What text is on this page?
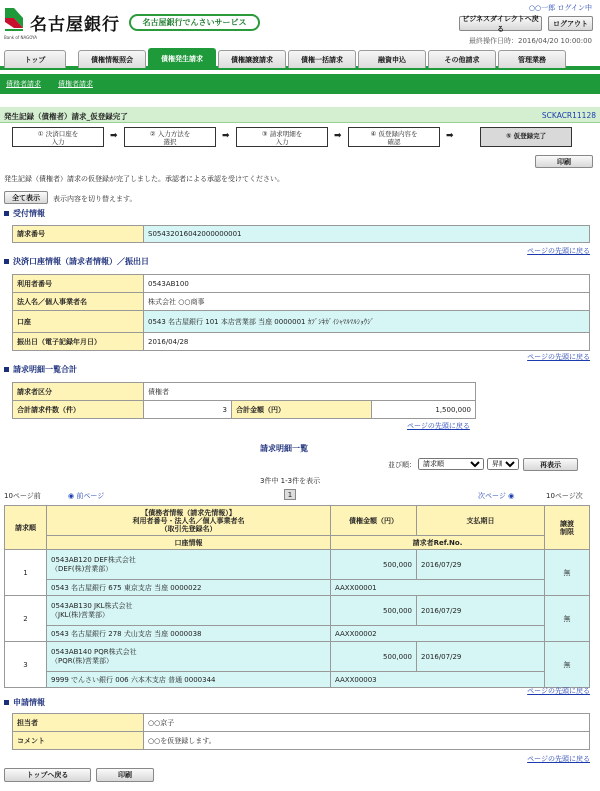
名古屋銀行
Bank of NAGOYA
名古屋銀行でんさいサービス
○○一郎 ログイン中
ビジネスダイレクトへ戻る
ログアウト
最終操作日時：2016/04/20 10:00:00
トップ	債権情報照会	債権発生請求	債権譲渡請求	債権一括請求	融資申込	その他請求	管理業務
債務者請求 債権者請求
発生記録（債権者）請求_仮登録完了	SCKACR11128
① 決済口座を
入力
➡	② 入力方法を
選択
➡	③ 請求明細を
入力
➡	④ 仮登録内容を
確認
➡	⑤ 仮登録完了
印刷
発生記録（債権者）請求の仮登録が完了しました。承認者による承認を受けてください。
全て表示	表示内容を切り替えます。
受付情報
請求番号	S05432016042000000001
ページの先頭に戻る
決済口座情報（請求者情報）／振出日
利用者番号	0543AB100
法人名／個人事業者名	株式会社 ○○商事
口座	0543 名古屋銀行 101 本店営業部 当座 0000001 ｶﾌﾞｼｷｶﾞｲｼｬﾏﾙﾏﾙｼｮｳｼﾞ
振出日（電子記録年月日）	2016/04/28
ページの先頭に戻る
請求明細一覧合計
請求者区分	債権者		
合計請求件数（件）	3	合計金額（円）	1,500,000
ページの先頭に戻る
請求明細一覧
並び順：
請求順
昇順	再表示
3件中 1-3件を表示
10ページ前	◉ 前ページ	1	次ページ ◉	10ページ次
請求順	【債務者情報（請求先情報）】
利用者番号・法人名／個人事業者名
（取引先登録名）	債権金額（円）	支払期日	譲渡
制限
	口座情報	請求者Ref.No.		
1	0543AB120 DEF株式会社
（DEF(株)営業部）	500,000	2016/07/29	無
	0543 名古屋銀行 675 東京支店 当座 0000022	AAXX00001		
2	0543AB130 JKL株式会社
（JKL(株)営業部）	500,000	2016/07/29	無
	0543 名古屋銀行 278 犬山支店 当座 0000038	AAXX00002		
3	0543AB140 PQR株式会社
（PQR(株)営業部）	500,000	2016/07/29	無
	9999 でんさい銀行 006 六本木支店 普通 0000344	AAXX00003		
ページの先頭に戻る
申請情報
担当者	○○京子
コメント	○○を仮登録します。
ページの先頭に戻る
トップへ戻る	印刷
